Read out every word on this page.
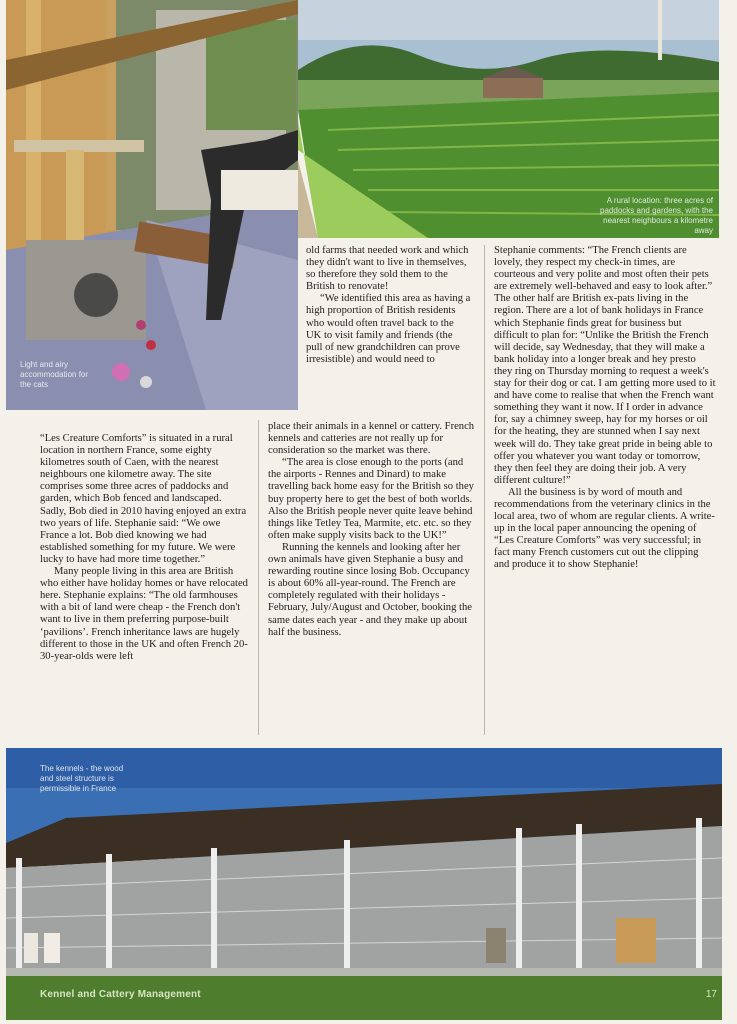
Light and airy accommodation for the cats
A rural location: three acres of paddocks and gardens, with the nearest neighbours a kilometre away

old farms that needed work and which they didn't want to live in themselves, so therefore they sold them to the British to renovate!

“We identified this area as having a high proportion of British residents who would often travel back to the UK to visit family and friends (the pull of new grandchildren can prove irresistible) and would need to

“Les Creature Comforts” is situated in a rural location in northern France, some eighty kilometres south of Caen, with the nearest neighbours one kilometre away. The site comprises some three acres of paddocks and garden, which Bob fenced and landscaped. Sadly, Bob died in 2010 having enjoyed an extra two years of life. Stephanie said: “We owe France a lot. Bob died knowing we had established something for my future. We were lucky to have had more time together.”

Many people living in this area are British who either have holiday homes or have relocated here. Stephanie explains: “The old farmhouses with a bit of land were cheap - the French don't want to live in them preferring purpose-built ‘pavilions’. French inheritance laws are hugely different to those in the UK and often French 20-30-year-olds were left

place their animals in a kennel or cattery. French kennels and catteries are not really up for consideration so the market was there.

“The area is close enough to the ports (and the airports - Rennes and Dinard) to make travelling back home easy for the British so they buy property here to get the best of both worlds. Also the British people never quite leave behind things like Tetley Tea, Marmite, etc. etc. so they often make supply visits back to the UK!”

Running the kennels and looking after her own animals have given Stephanie a busy and rewarding routine since losing Bob. Occupancy is about 60% all-year-round. The French are completely regulated with their holidays - February, July/August and October, booking the same dates each year - and they make up about half the business.

Stephanie comments: “The French clients are lovely, they respect my check-in times, are courteous and very polite and most often their pets are extremely well-behaved and easy to look after.” The other half are British ex-pats living in the region. There are a lot of bank holidays in France which Stephanie finds great for business but difficult to plan for: “Unlike the British the French will decide, say Wednesday, that they will make a bank holiday into a longer break and hey presto they ring on Thursday morning to request a week's stay for their dog or cat. I am getting more used to it and have come to realise that when the French want something they want it now. If I order in advance for, say a chimney sweep, hay for my horses or oil for the heating, they are stunned when I say next week will do. They take great pride in being able to offer you whatever you want today or tomorrow, they then feel they are doing their job. A very different culture!”

All the business is by word of mouth and recommendations from the veterinary clinics in the local area, two of whom are regular clients. A write-up in the local paper announcing the opening of “Les Creature Comforts” was very successful; in fact many French customers cut out the clipping and produce it to show Stephanie!

The kennels - the wood and steel structure is permissible in France
Kennel and Cattery Management	17
